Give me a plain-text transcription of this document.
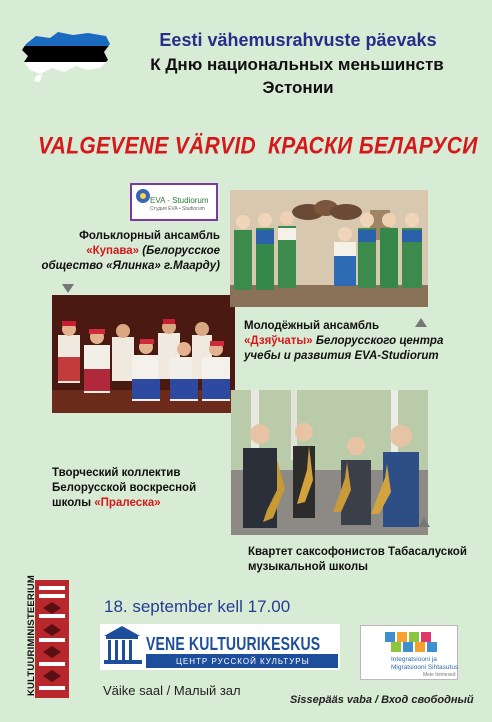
Eesti vähemusrahvuste päevaks
К Дню национальных меньшинств
Эстонии
VALGEVENE VÄRVID КРАСКИ БЕЛАРУСИ
EVA - Studiorum
Студия EVA • Studiorum
Фольклорный ансамбль
«Купава» (Белорусское общество «Ялинка» г.Маарду)
Молодёжный ансамбль
«Дзяўчаты» Белорусского центра учебы и развития EVA-Studiorum
Творческий коллектив Белорусской воскресной школы «Пралеска»
Квартет саксофонистов Табасалуской музыкальной школы
KULTUURIMINISTEERIUM	18. september kell 17.00
VENE KULTUURIKESKUS
ЦЕНТР РУССКОЙ КУЛЬТУРЫ
Väike saal / Малый зал
Integratsiooni ja
Migratsiooni Sihtasutus
Meie Inimesed
Sissepääs vaba / Вход свободный
